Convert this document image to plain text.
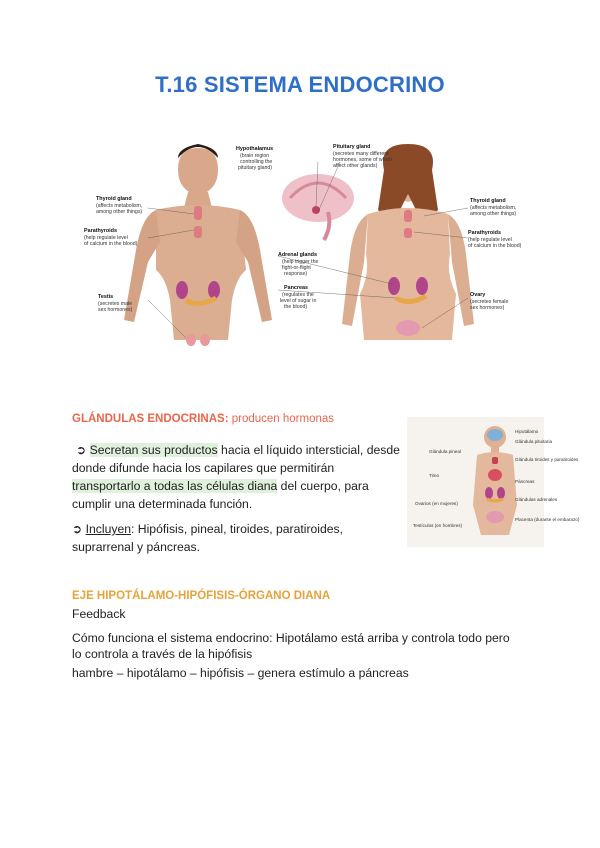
T.16 SISTEMA ENDOCRINO
Thyroid gland
(affects metabolism,
among other things)
Parathyroids
(help regulate level
of calcium in the blood)
Testis
(secretes male
sex hormones)
Hypothalamus
(brain region
controlling the
pituitary gland)
Pituitary gland
(secretes many different
hormones, some of which
affect other glands)
Adrenal glands
(help trigger the
fight-or-flight
response)
Pancreas
(regulates the
level of sugar in
the blood)
Thyroid gland
(affects metabolism,
among other things)
Parathyroids
(help regulate level
of calcium in the blood)
Ovary
(secretes female
sex hormones)
GLÁNDULAS ENDOCRINAS: producen hormonas
➲ Secretan sus productos hacia el líquido intersticial, desde donde difunde hacia los capilares que permitirán transportarlo a todas las células diana del cuerpo, para cumplir una determinada función.
➲ Incluyen: Hipófisis, pineal, tiroides, paratiroides, suprarrenal y páncreas.
Glándula pineal
Timo
Ovarios (en mujeres)
Testículos (en hombres)
Hipotálamo
Glándula pituitaria
Glándula tiroides y paratiroides
Páncreas
Glándulas adrenales
Placenta (durante el embarazo)
EJE HIPOTÁLAMO-HIPÓFISIS-ÓRGANO DIANA
Feedback
Cómo funciona el sistema endocrino: Hipotálamo está arriba y controla todo pero lo controla a través de la hipófisis
hambre – hipotálamo – hipófisis – genera estímulo a páncreas
